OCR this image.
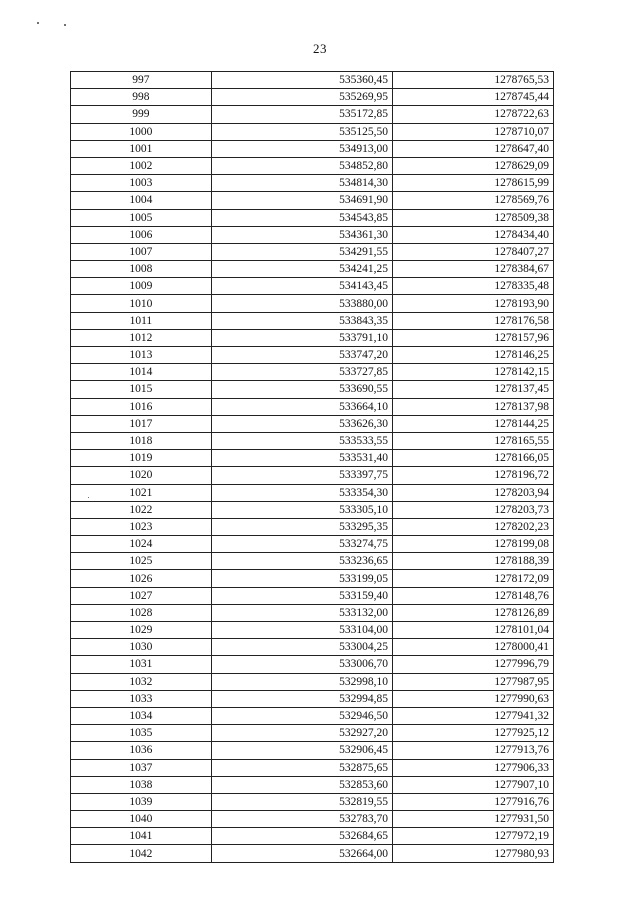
23
997	535360,45	1278765,53
998	535269,95	1278745,44
999	535172,85	1278722,63
1000	535125,50	1278710,07
1001	534913,00	1278647,40
1002	534852,80	1278629,09
1003	534814,30	1278615,99
1004	534691,90	1278569,76
1005	534543,85	1278509,38
1006	534361,30	1278434,40
1007	534291,55	1278407,27
1008	534241,25	1278384,67
1009	534143,45	1278335,48
1010	533880,00	1278193,90
1011	533843,35	1278176,58
1012	533791,10	1278157,96
1013	533747,20	1278146,25
1014	533727,85	1278142,15
1015	533690,55	1278137,45
1016	533664,10	1278137,98
1017	533626,30	1278144,25
1018	533533,55	1278165,55
1019	533531,40	1278166,05
1020	533397,75	1278196,72
1021	533354,30	1278203,94
1022	533305,10	1278203,73
1023	533295,35	1278202,23
1024	533274,75	1278199,08
1025	533236,65	1278188,39
1026	533199,05	1278172,09
1027	533159,40	1278148,76
1028	533132,00	1278126,89
1029	533104,00	1278101,04
1030	533004,25	1278000,41
1031	533006,70	1277996,79
1032	532998,10	1277987,95
1033	532994,85	1277990,63
1034	532946,50	1277941,32
1035	532927,20	1277925,12
1036	532906,45	1277913,76
1037	532875,65	1277906,33
1038	532853,60	1277907,10
1039	532819,55	1277916,76
1040	532783,70	1277931,50
1041	532684,65	1277972,19
1042	532664,00	1277980,93
